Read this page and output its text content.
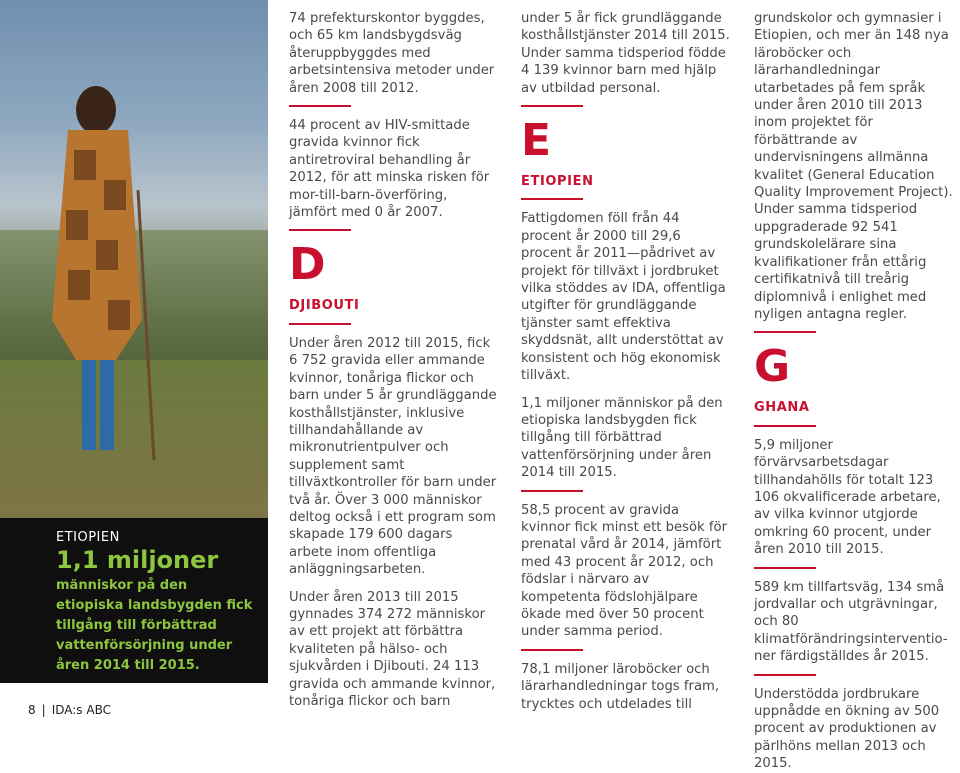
ETIOPIEN
1,1 miljoner
människor på den etiopiska landsbygden fick tillgång till förbättrad vattenförsörjning under åren 2014 till 2015.

74 prefekturskontor byggdes, och 65 km landsbygdsväg återuppbyggdes med arbetsintensiva metoder under åren 2008 till 2012.

44 procent av HIV-smittade gravida kvinnor fick antiretroviral behandling år 2012, för att minska risken för mor-till-barn-överföring, jämfört med 0 år 2007.

D

DJIBOUTI

Under åren 2012 till 2015, fick 6 752 gravida eller ammande kvinnor, tonåriga flickor och barn under 5 år grundläggande kosthållstjänster, inklusive tillhandahållande av mikronutrientpulver och supplement samt tillväxtkontroller för barn under två år. Över 3 000 människor deltog också i ett program som skapade 179 600 dagars arbete inom offentliga anläggningsarbeten.

Under åren 2013 till 2015 gynnades 374 272 människor av ett projekt att förbättra kvaliteten på hälso- och sjukvården i Djibouti. 24 113 gravida och ammande kvinnor, tonåriga flickor och barn

under 5 år fick grundläggande kosthållstjänster 2014 till 2015. Under samma tidsperiod födde 4 139 kvinnor barn med hjälp av utbildad personal.

E

ETIOPIEN

Fattigdomen föll från 44 procent år 2000 till 29,6 procent år 2011—pådrivet av projekt för tillväxt i jordbruket vilka stöddes av IDA, offentliga utgifter för grundläggande tjänster samt effektiva skyddsnät, allt understöttat av konsistent och hög ekonomisk tillväxt.

1,1 miljoner människor på den etiopiska landsbygden fick tillgång till förbättrad vattenförsörjning under åren 2014 till 2015.

58,5 procent av gravida kvinnor fick minst ett besök för prenatal vård år 2014, jämfört med 43 procent år 2012, och födslar i närvaro av kompetenta födslohjälpare ökade med över 50 procent under samma period.

78,1 miljoner läroböcker och lärarhandledningar togs fram, trycktes och utdelades till

grundskolor och gymnasier i Etiopien, och mer än 148 nya läroböcker och lärarhandledningar utarbetades på fem språk under åren 2010 till 2013 inom projektet för förbättrande av undervisningens allmänna kvalitet (General Education Quality Improvement Project). Under samma tidsperiod uppgraderade 92 541 grundskolelärare sina kvalifikationer från ettårig certifikatnivå till treårig diplomnivå i enlighet med nyligen antagna regler.

G

GHANA

5,9 miljoner förvärvsarbetsdagar tillhandahölls för totalt 123 106 okvalificerade arbetare, av vilka kvinnor utgjorde omkring 60 procent, under åren 2010 till 2015.

589 km tillfartsväg, 134 små jordvallar och utgrävningar, och 80 klimatförändringsinterventio-ner färdigställdes år 2015.

Understödda jordbrukare uppnådde en ökning av 500 procent av produktionen av pärlhöns mellan 2013 och 2015.

8 | IDA:s ABC
